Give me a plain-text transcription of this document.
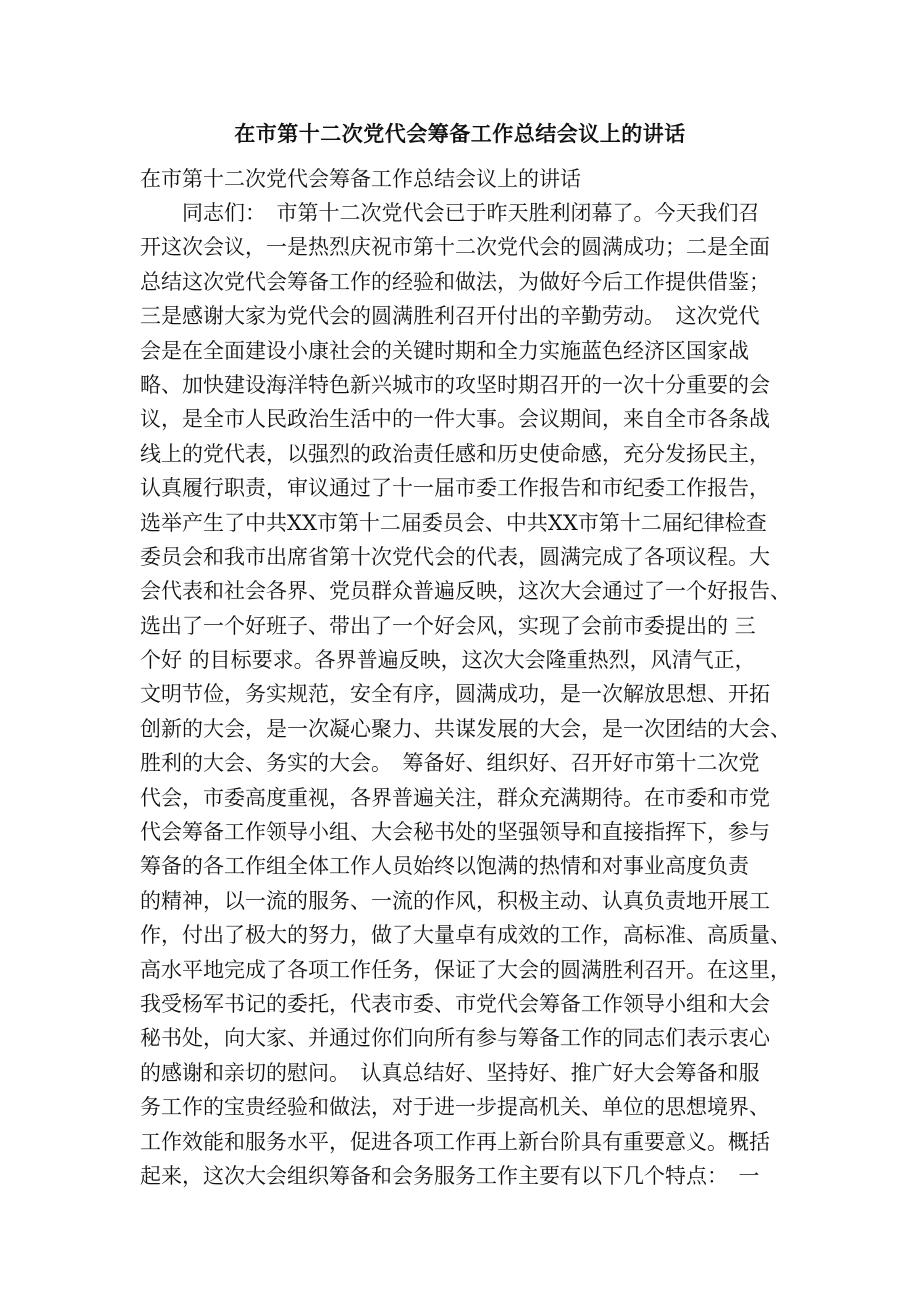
在市第十二次党代会筹备工作总结会议上的讲话
在市第十二次党代会筹备工作总结会议上的讲话
　　同志们：　市第十二次党代会已于昨天胜利闭幕了。今天我们召
开这次会议，一是热烈庆祝市第十二次党代会的圆满成功；二是全面
总结这次党代会筹备工作的经验和做法，为做好今后工作提供借鉴；
三是感谢大家为党代会的圆满胜利召开付出的辛勤劳动。　这次党代
会是在全面建设小康社会的关键时期和全力实施蓝色经济区国家战
略、加快建设海洋特色新兴城市的攻坚时期召开的一次十分重要的会
议，是全市人民政治生活中的一件大事。会议期间，来自全市各条战
线上的党代表，以强烈的政治责任感和历史使命感，充分发扬民主，
认真履行职责，审议通过了十一届市委工作报告和市纪委工作报告，
选举产生了中共XX市第十二届委员会、中共XX市第十二届纪律检查
委员会和我市出席省第十次党代会的代表，圆满完成了各项议程。大
会代表和社会各界、党员群众普遍反映，这次大会通过了一个好报告、
选出了一个好班子、带出了一个好会风，实现了会前市委提出的 三
个好 的目标要求。各界普遍反映，这次大会隆重热烈，风清气正，
文明节俭，务实规范，安全有序，圆满成功，是一次解放思想、开拓
创新的大会，是一次凝心聚力、共谋发展的大会，是一次团结的大会、
胜利的大会、务实的大会。　筹备好、组织好、召开好市第十二次党
代会，市委高度重视，各界普遍关注，群众充满期待。在市委和市党
代会筹备工作领导小组、大会秘书处的坚强领导和直接指挥下，参与
筹备的各工作组全体工作人员始终以饱满的热情和对事业高度负责
的精神，以一流的服务、一流的作风，积极主动、认真负责地开展工
作，付出了极大的努力，做了大量卓有成效的工作，高标准、高质量、
高水平地完成了各项工作任务，保证了大会的圆满胜利召开。在这里，
我受杨军书记的委托，代表市委、市党代会筹备工作领导小组和大会
秘书处，向大家、并通过你们向所有参与筹备工作的同志们表示衷心
的感谢和亲切的慰问。　认真总结好、坚持好、推广好大会筹备和服
务工作的宝贵经验和做法，对于进一步提高机关、单位的思想境界、
工作效能和服务水平，促进各项工作再上新台阶具有重要意义。概括
起来，这次大会组织筹备和会务服务工作主要有以下几个特点：　一
